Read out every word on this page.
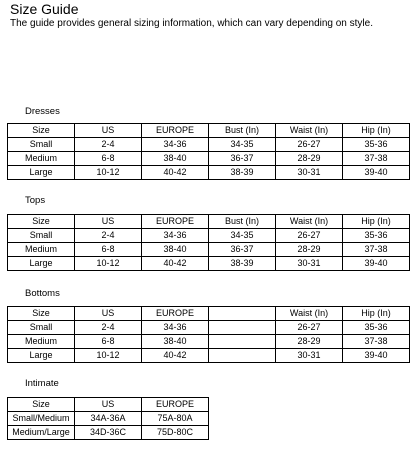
Size Guide
The guide provides general sizing information, which can vary depending on style.
Dresses
Size	US	EUROPE	Bust (In)	Waist (In)	Hip (In)
Small	2-4	34-36	34-35	26-27	35-36
Medium	6-8	38-40	36-37	28-29	37-38
Large	10-12	40-42	38-39	30-31	39-40
Tops
Size	US	EUROPE	Bust (In)	Waist (In)	Hip (In)
Small	2-4	34-36	34-35	26-27	35-36
Medium	6-8	38-40	36-37	28-29	37-38
Large	10-12	40-42	38-39	30-31	39-40
Bottoms
Size	US	EUROPE		Waist (In)	Hip (In)
Small	2-4	34-36		26-27	35-36
Medium	6-8	38-40		28-29	37-38
Large	10-12	40-42		30-31	39-40
Intimate
Size	US	EUROPE
Small/Medium	34A-36A	75A-80A
Medium/Large	34D-36C	75D-80C
